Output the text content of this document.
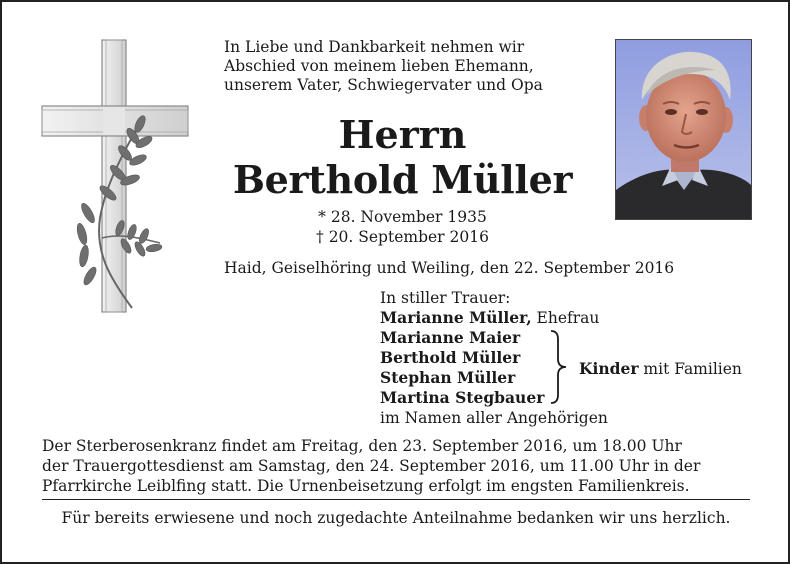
In Liebe und Dankbarkeit nehmen wir
Abschied von meinem lieben Ehemann,
unserem Vater, Schwiegervater und Opa
Herrn
Berthold Müller
* 28. November 1935
† 20. September 2016
Haid, Geiselhöring und Weiling, den 22. September 2016
In stiller Trauer:
Marianne Müller, Ehefrau
Marianne Maier
Berthold Müller
Stephan Müller
Martina Stegbauer
im Namen aller Angehörigen
Kinder mit Familien
Der Sterberosenkranz findet am Freitag, den 23. September 2016, um 18.00 Uhr
der Trauergottesdienst am Samstag, den 24. September 2016, um 11.00 Uhr in der
Pfarrkirche Leiblfing statt. Die Urnenbeisetzung erfolgt im engsten Familienkreis.
Für bereits erwiesene und noch zugedachte Anteilnahme bedanken wir uns herzlich.
